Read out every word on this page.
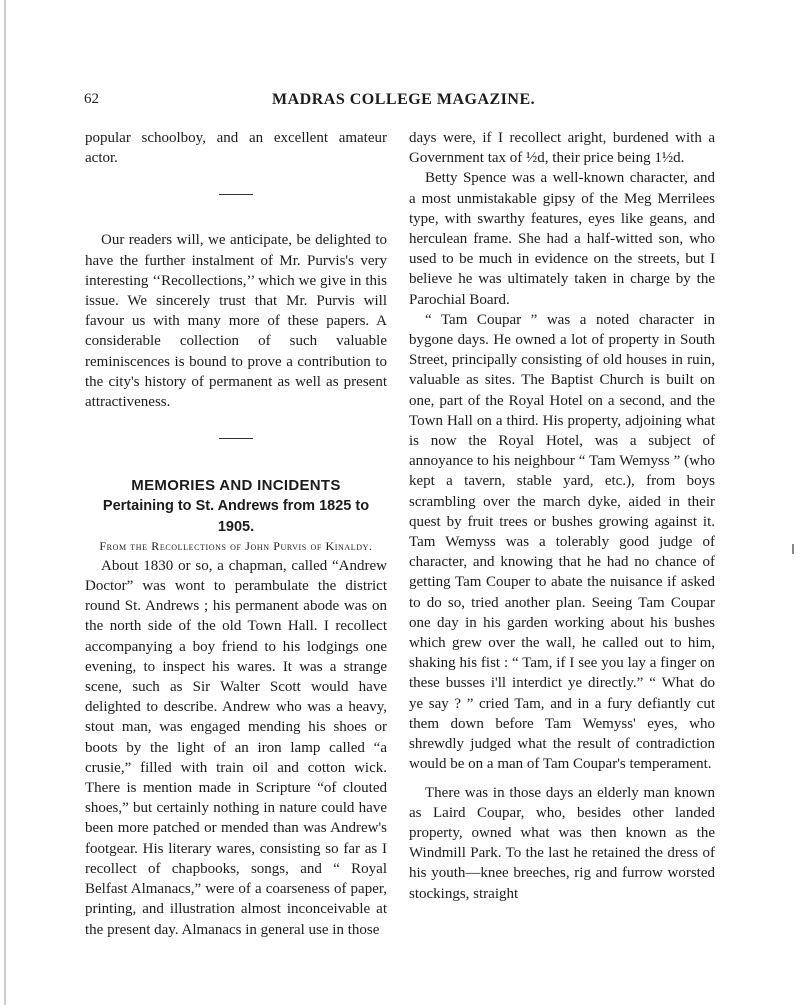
62	MADRAS COLLEGE MAGAZINE.

popular schoolboy, and an excellent amateur actor.

Our readers will, we anticipate, be delighted to have the further instalment of Mr. Purvis's very interesting ‘‘Recollections,’’ which we give in this issue. We sincerely trust that Mr. Purvis will favour us with many more of these papers. A considerable collection of such valuable reminiscences is bound to prove a contribution to the city's history of permanent as well as present attractiveness.

MEMORIES AND INCIDENTS

Pertaining to St. Andrews from 1825 to 1905.

From the Recollections of John Purvis of Kinaldy.

About 1830 or so, a chapman, called “Andrew Doctor” was wont to perambulate the district round St. Andrews ; his permanent abode was on the north side of the old Town Hall. I recollect accompanying a boy friend to his lodgings one evening, to inspect his wares. It was a strange scene, such as Sir Walter Scott would have delighted to describe. Andrew who was a heavy, stout man, was engaged mending his shoes or boots by the light of an iron lamp called “a crusie,” filled with train oil and cotton wick. There is mention made in Scripture “of clouted shoes,” but certainly nothing in nature could have been more patched or mended than was Andrew's footgear. His literary wares, consisting so far as I recollect of chapbooks, songs, and “ Royal Belfast Almanacs,” were of a coarseness of paper, printing, and illustration almost inconceivable at the present day. Almanacs in general use in those

days were, if I recollect aright, burdened with a Government tax of ½d, their price being 1½d.

Betty Spence was a well-known character, and a most unmistakable gipsy of the Meg Merrilees type, with swarthy features, eyes like geans, and herculean frame. She had a half-witted son, who used to be much in evidence on the streets, but I believe he was ultimately taken in charge by the Parochial Board.

“ Tam Coupar ” was a noted character in bygone days. He owned a lot of property in South Street, principally consisting of old houses in ruin, valuable as sites. The Baptist Church is built on one, part of the Royal Hotel on a second, and the Town Hall on a third. His property, adjoining what is now the Royal Hotel, was a subject of annoyance to his neighbour “ Tam Wemyss ” (who kept a tavern, stable yard, etc.), from boys scrambling over the march dyke, aided in their quest by fruit trees or bushes growing against it. Tam Wemyss was a tolerably good judge of character, and knowing that he had no chance of getting Tam Couper to abate the nuisance if asked to do so, tried another plan. Seeing Tam Coupar one day in his garden working about his bushes which grew over the wall, he called out to him, shaking his fist : “ Tam, if I see you lay a finger on these busses i'll interdict ye directly.” “ What do ye say ? ” cried Tam, and in a fury defiantly cut them down before Tam Wemyss' eyes, who shrewdly judged what the result of contradiction would be on a man of Tam Coupar's temperament.

There was in those days an elderly man known as Laird Coupar, who, besides other landed property, owned what was then known as the Windmill Park. To the last he retained the dress of his youth—knee breeches, rig and furrow worsted stockings, straight
